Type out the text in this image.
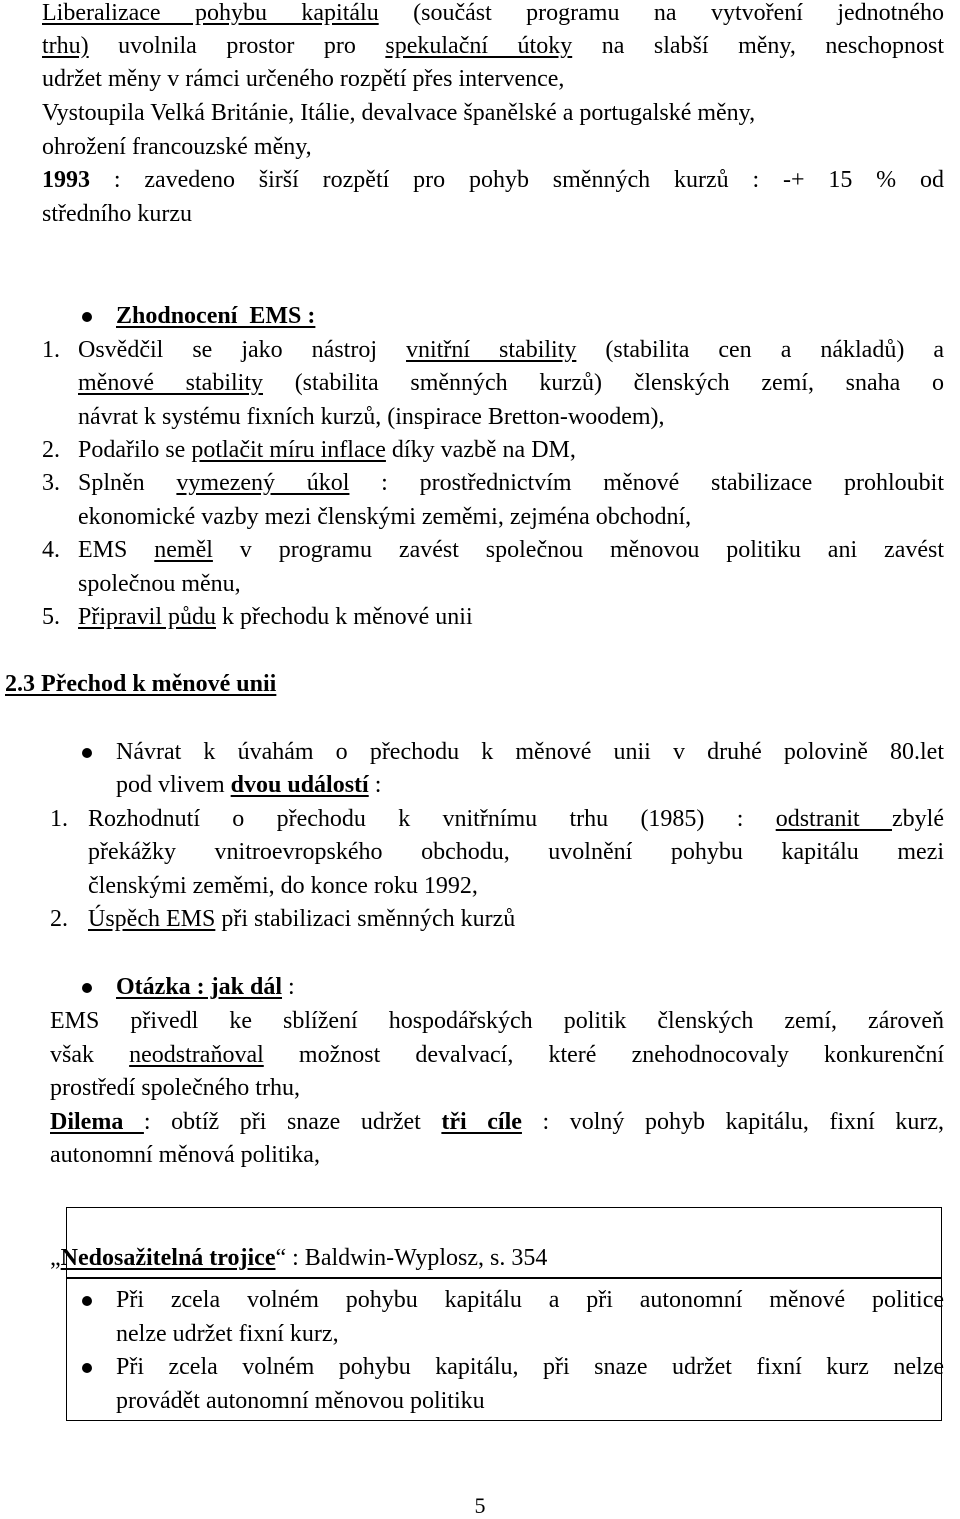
Liberalizace pohybu kapitálu (součást programu na vytvoření jednotného
trhu) uvolnila prostor pro spekulační útoky na slabší měny, neschopnost
udržet měny v rámci určeného rozpětí přes intervence,
Vystoupila Velká Británie, Itálie, devalvace španělské a portugalské měny,
ohrožení francouzské měny,
1993 : zavedeno širší rozpětí pro pohyb směnných kurzů : -+ 15 % od
středního kurzu
Zhodnocení  EMS :
1. Osvědčil se jako nástroj vnitřní stability (stabilita cen a nákladů) a
měnové stability (stabilita směnných kurzů) členských zemí, snaha o
návrat k systému fixních kurzů, (inspirace Bretton-woodem),
2. Podařilo se potlačit míru inflace díky vazbě na DM,
3. Splněn vymezený úkol : prostřednictvím měnové stabilizace prohloubit
ekonomické vazby mezi členskými zeměmi, zejména obchodní,
4. EMS neměl v programu zavést společnou měnovou politiku ani zavést
společnou měnu,
5. Připravil půdu k přechodu k měnové unii
2.3 Přechod k měnové unii
Návrat k úvahám o přechodu k měnové unii v druhé polovině 80.let
pod vlivem dvou událostí :
1. Rozhodnutí o přechodu k vnitřnímu trhu (1985) : odstranit zbylé
překážky vnitroevropského obchodu, uvolnění pohybu kapitálu mezi
členskými zeměmi, do konce roku 1992,
2. Úspěch EMS při stabilizaci směnných kurzů
Otázka : jak dál :
EMS přivedl ke sblížení hospodářských politik členských zemí, zároveň
však neodstraňoval možnost devalvací, které znehodnocovaly konkurenční
prostředí společného trhu,
Dilema : obtíž při snaze udržet tři cíle : volný pohyb kapitálu, fixní kurz,
autonomní měnová politika,
„Nedosažitelná trojice“ : Baldwin-Wyplosz, s. 354
Při zcela volném pohybu kapitálu a při autonomní měnové politice
nelze udržet fixní kurz,
Při zcela volném pohybu kapitálu, při snaze udržet fixní kurz nelze
provádět autonomní měnovou politiku
5
